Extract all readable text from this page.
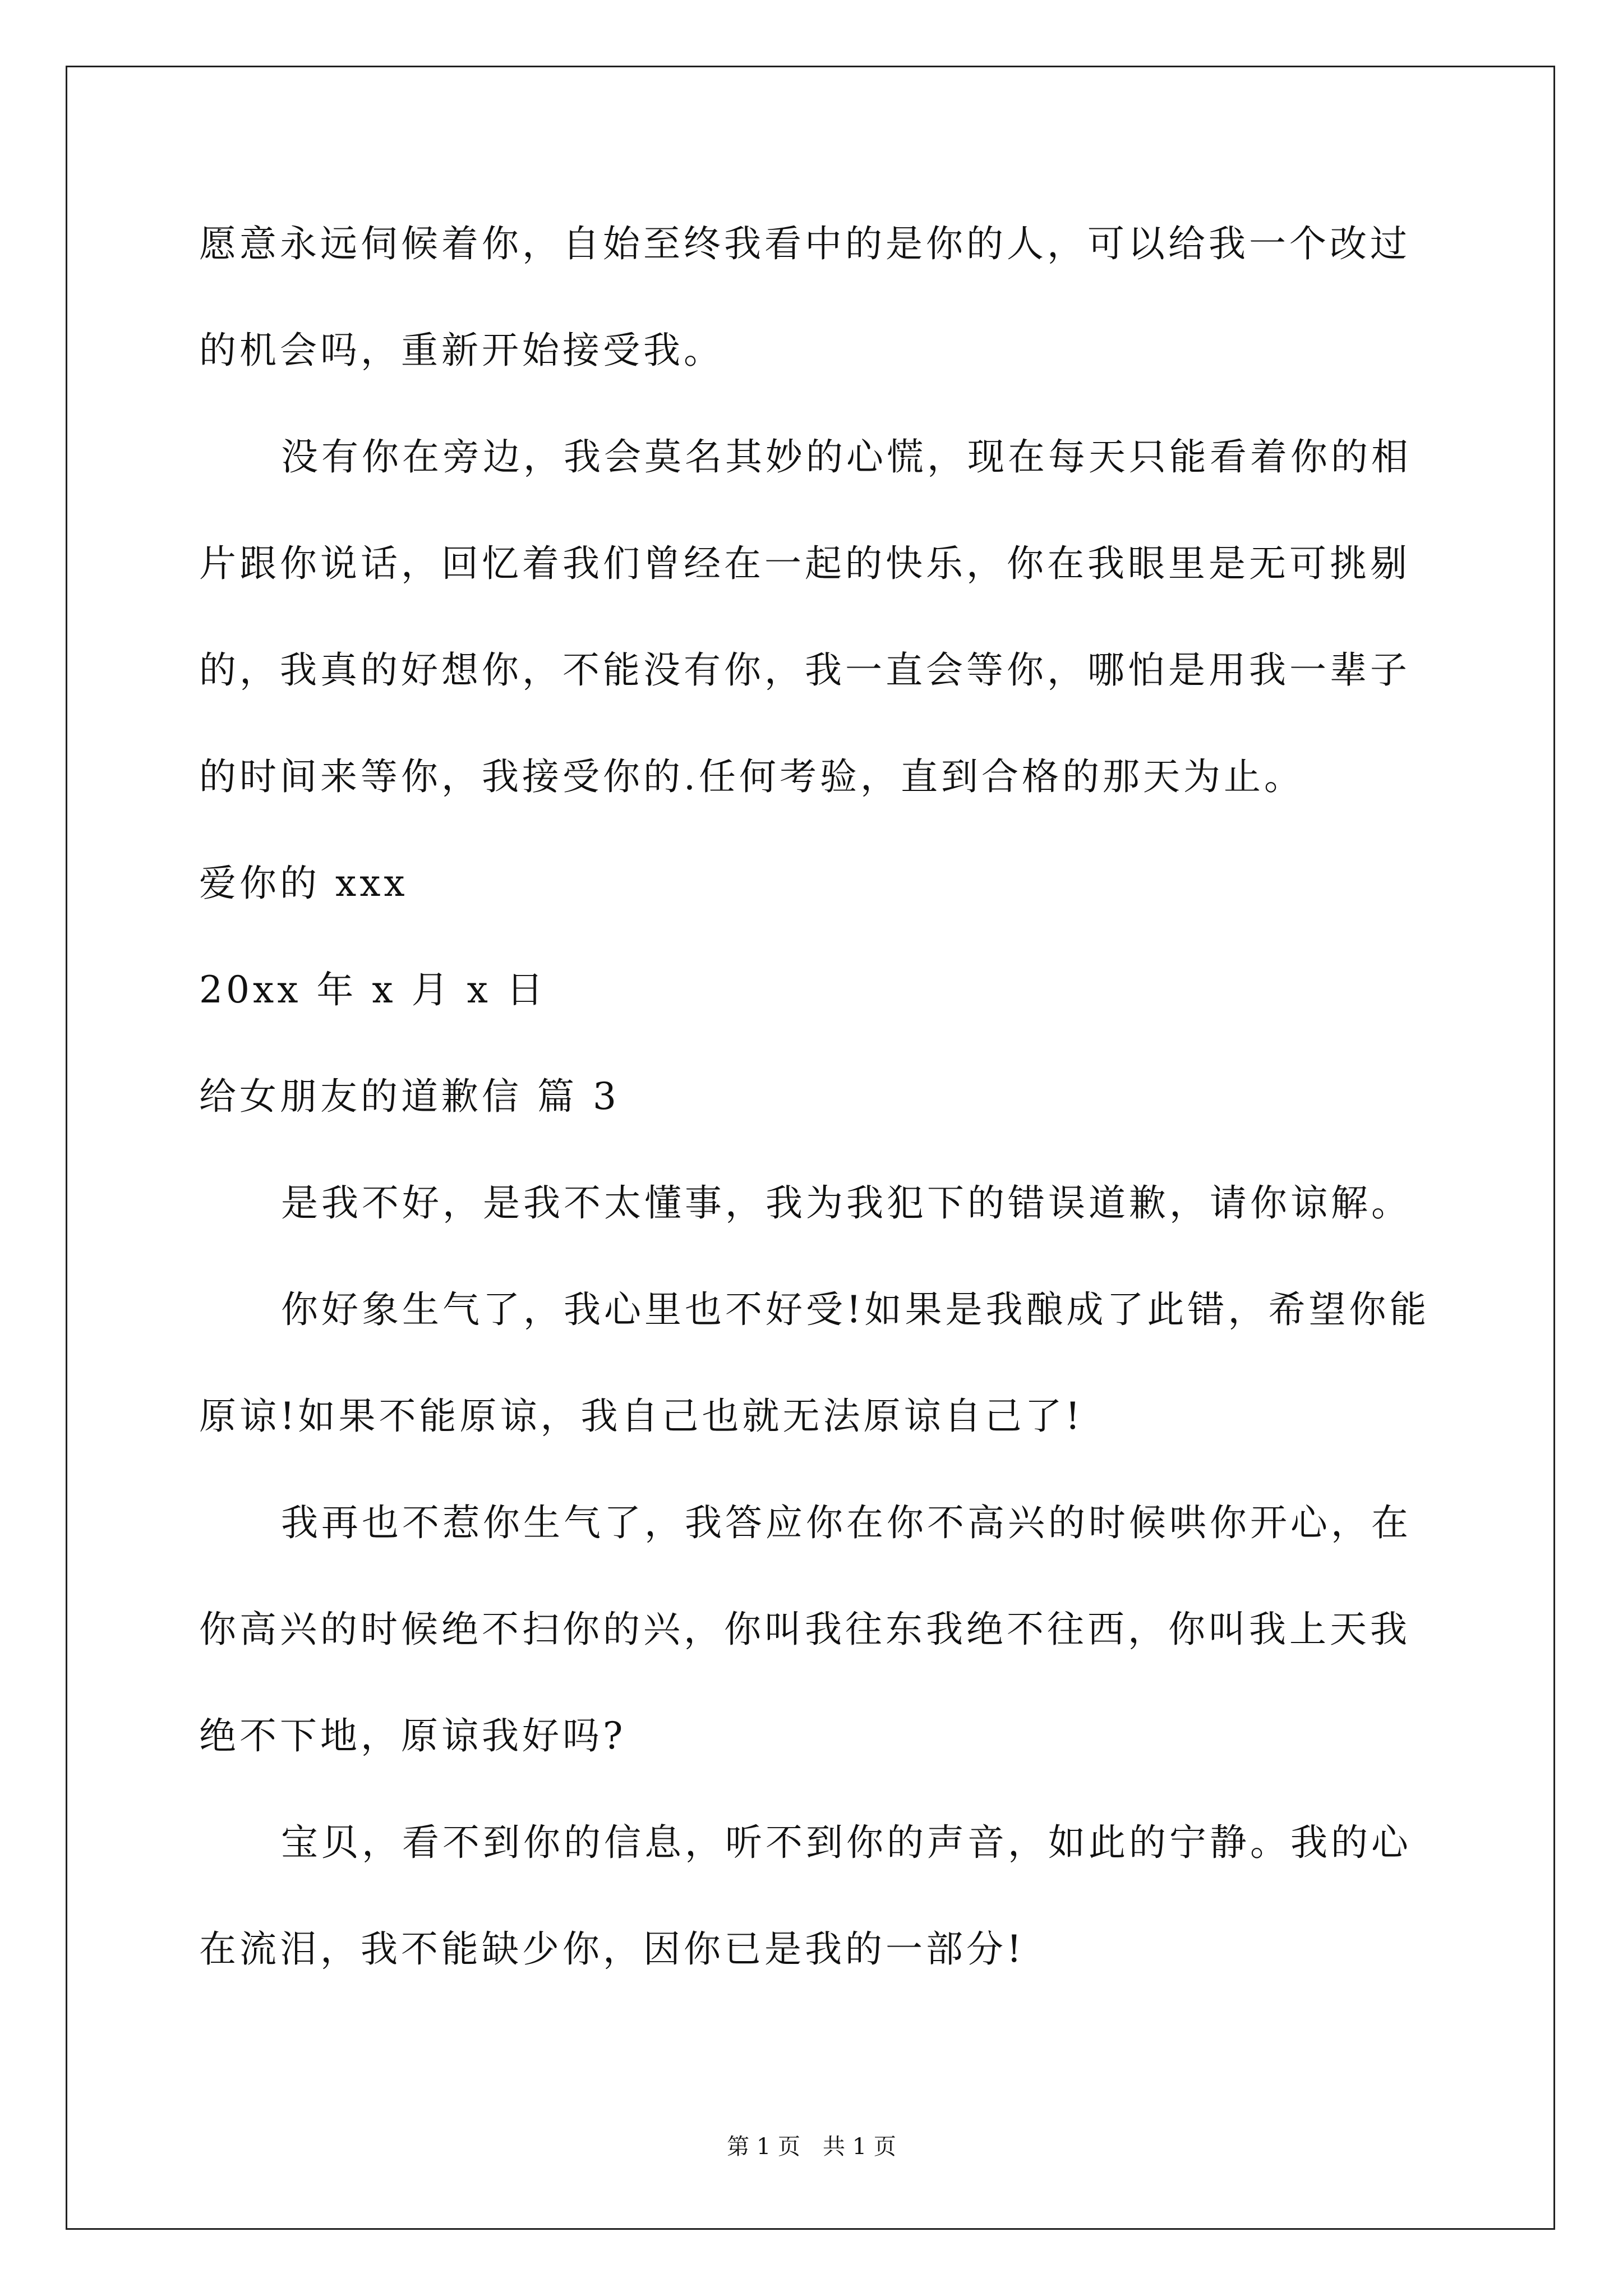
愿意永远伺候着你，自始至终我看中的是你的人，可以给我一个改过
的机会吗，重新开始接受我。
没有你在旁边，我会莫名其妙的心慌，现在每天只能看着你的相
片跟你说话，回忆着我们曾经在一起的快乐，你在我眼里是无可挑剔
的，我真的好想你，不能没有你，我一直会等你，哪怕是用我一辈子
的时间来等你，我接受你的.任何考验，直到合格的那天为止。
爱你的 xxx
20xx 年 x 月 x 日
给女朋友的道歉信 篇 3
是我不好，是我不太懂事，我为我犯下的错误道歉，请你谅解。
你好象生气了，我心里也不好受!如果是我酿成了此错，希望你能
原谅!如果不能原谅，我自己也就无法原谅自己了!
我再也不惹你生气了，我答应你在你不高兴的时候哄你开心，在
你高兴的时候绝不扫你的兴，你叫我往东我绝不往西，你叫我上天我
绝不下地，原谅我好吗?
宝贝，看不到你的信息，听不到你的声音，如此的宁静。我的心
在流泪，我不能缺少你，因你已是我的一部分!
第 1 页 共 1 页
